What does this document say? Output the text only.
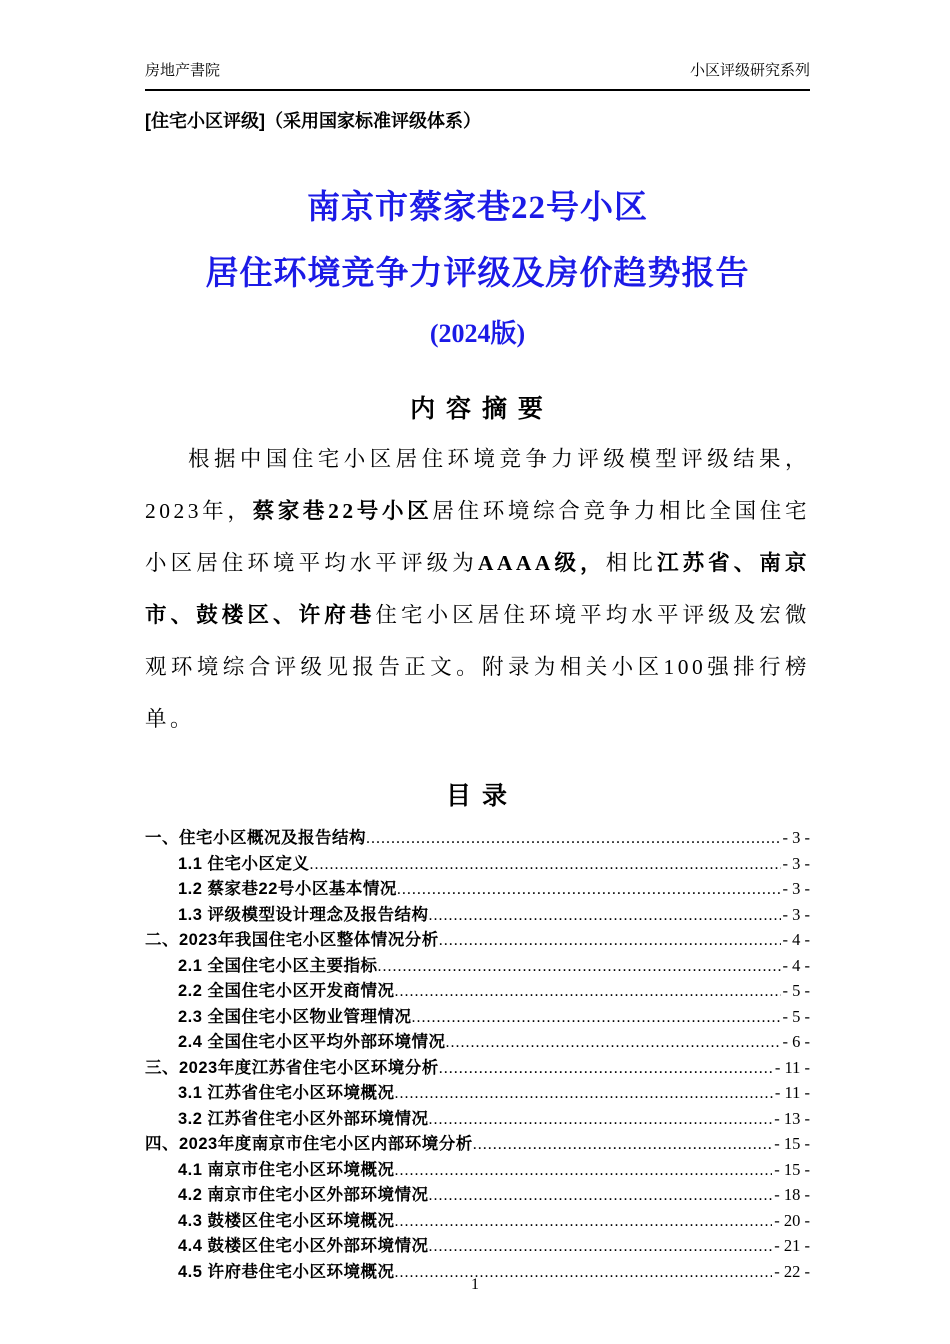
房地产書院	小区评级研究系列
[住宅小区评级]（采用国家标准评级体系）
南京市蔡家巷22号小区
居住环境竞争力评级及房价趋势报告
(2024版)
内 容 摘 要

根据中国住宅小区居住环境竞争力评级模型评级结果，2023年，蔡家巷22号小区居住环境综合竞争力相比全国住宅小区居住环境平均水平评级为AAAA级，相比江苏省、南京市、鼓楼区、许府巷住宅小区居住环境平均水平评级及宏微观环境综合评级见报告正文。附录为相关小区100强排行榜单。

目 录
一、住宅小区概况及报告结构 .....	- 3 -
1.1 住宅小区定义 .....	- 3 -
1.2 蔡家巷22号小区基本情况 .....	- 3 -
1.3 评级模型设计理念及报告结构 .....	- 3 -
二、2023年我国住宅小区整体情况分析 .....	- 4 -
2.1 全国住宅小区主要指标 .....	- 4 -
2.2 全国住宅小区开发商情况 .....	- 5 -
2.3 全国住宅小区物业管理情况 .....	- 5 -
2.4 全国住宅小区平均外部环境情况 .....	- 6 -
三、2023年度江苏省住宅小区环境分析 .....	- 11 -
3.1 江苏省住宅小区环境概况 .....	- 11 -
3.2 江苏省住宅小区外部环境情况 .....	- 13 -
四、2023年度南京市住宅小区内部环境分析 .....	- 15 -
4.1 南京市住宅小区环境概况 .....	- 15 -
4.2 南京市住宅小区外部环境情况 .....	- 18 -
4.3 鼓楼区住宅小区环境概况 .....	- 20 -
4.4 鼓楼区住宅小区外部环境情况 .....	- 21 -
4.5 许府巷住宅小区环境概况 .....	- 22 -
1
